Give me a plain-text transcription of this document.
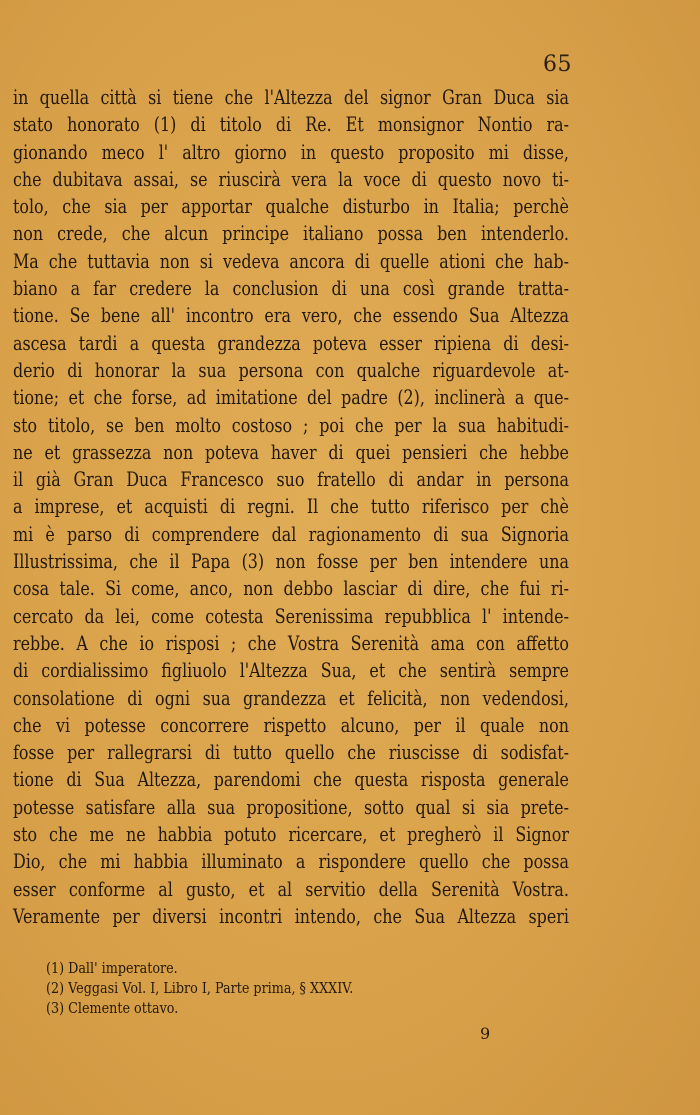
65
in quella città si tiene che l'Altezza del signor Gran Duca sia
stato honorato (1) di titolo di Re. Et monsignor Nontio ra-
gionando meco l' altro giorno in questo proposito mi disse,
che dubitava assai, se riuscirà vera la voce di questo novo ti-
tolo, che sia per apportar qualche disturbo in Italia; perchè
non crede, che alcun principe italiano possa ben intenderlo.
Ma che tuttavia non si vedeva ancora di quelle ationi che hab-
biano a far credere la conclusion di una così grande tratta-
tione. Se bene all' incontro era vero, che essendo Sua Altezza
ascesa tardi a questa grandezza poteva esser ripiena di desi-
derio di honorar la sua persona con qualche riguardevole at-
tione; et che forse, ad imitatione del padre (2), inclinerà a que-
sto titolo, se ben molto costoso ; poi che per la sua habitudi-
ne et grassezza non poteva haver di quei pensieri che hebbe
il già Gran Duca Francesco suo fratello di andar in persona
a imprese, et acquisti di regni. Il che tutto riferisco per chè
mi è parso di comprendere dal ragionamento di sua Signoria
Illustrissima, che il Papa (3) non fosse per ben intendere una
cosa tale. Si come, anco, non debbo lasciar di dire, che fui ri-
cercato da lei, come cotesta Serenissima repubblica l' intende-
rebbe. A che io risposi ; che Vostra Serenità ama con affetto
di cordialissimo figliuolo l'Altezza Sua, et che sentirà sempre
consolatione di ogni sua grandezza et felicità, non vedendosi,
che vi potesse concorrere rispetto alcuno, per il quale non
fosse per rallegrarsi di tutto quello che riuscisse di sodisfat-
tione di Sua Altezza, parendomi che questa risposta generale
potesse satisfare alla sua propositione, sotto qual si sia prete-
sto che me ne habbia potuto ricercare, et pregherò il Signor
Dio, che mi habbia illuminato a rispondere quello che possa
esser conforme al gusto, et al servitio della Serenità Vostra.
Veramente per diversi incontri intendo, che Sua Altezza speri
(1) Dall' imperatore.
(2) Veggasi Vol. I, Libro I, Parte prima, § XXXIV.
(3) Clemente ottavo.
9
